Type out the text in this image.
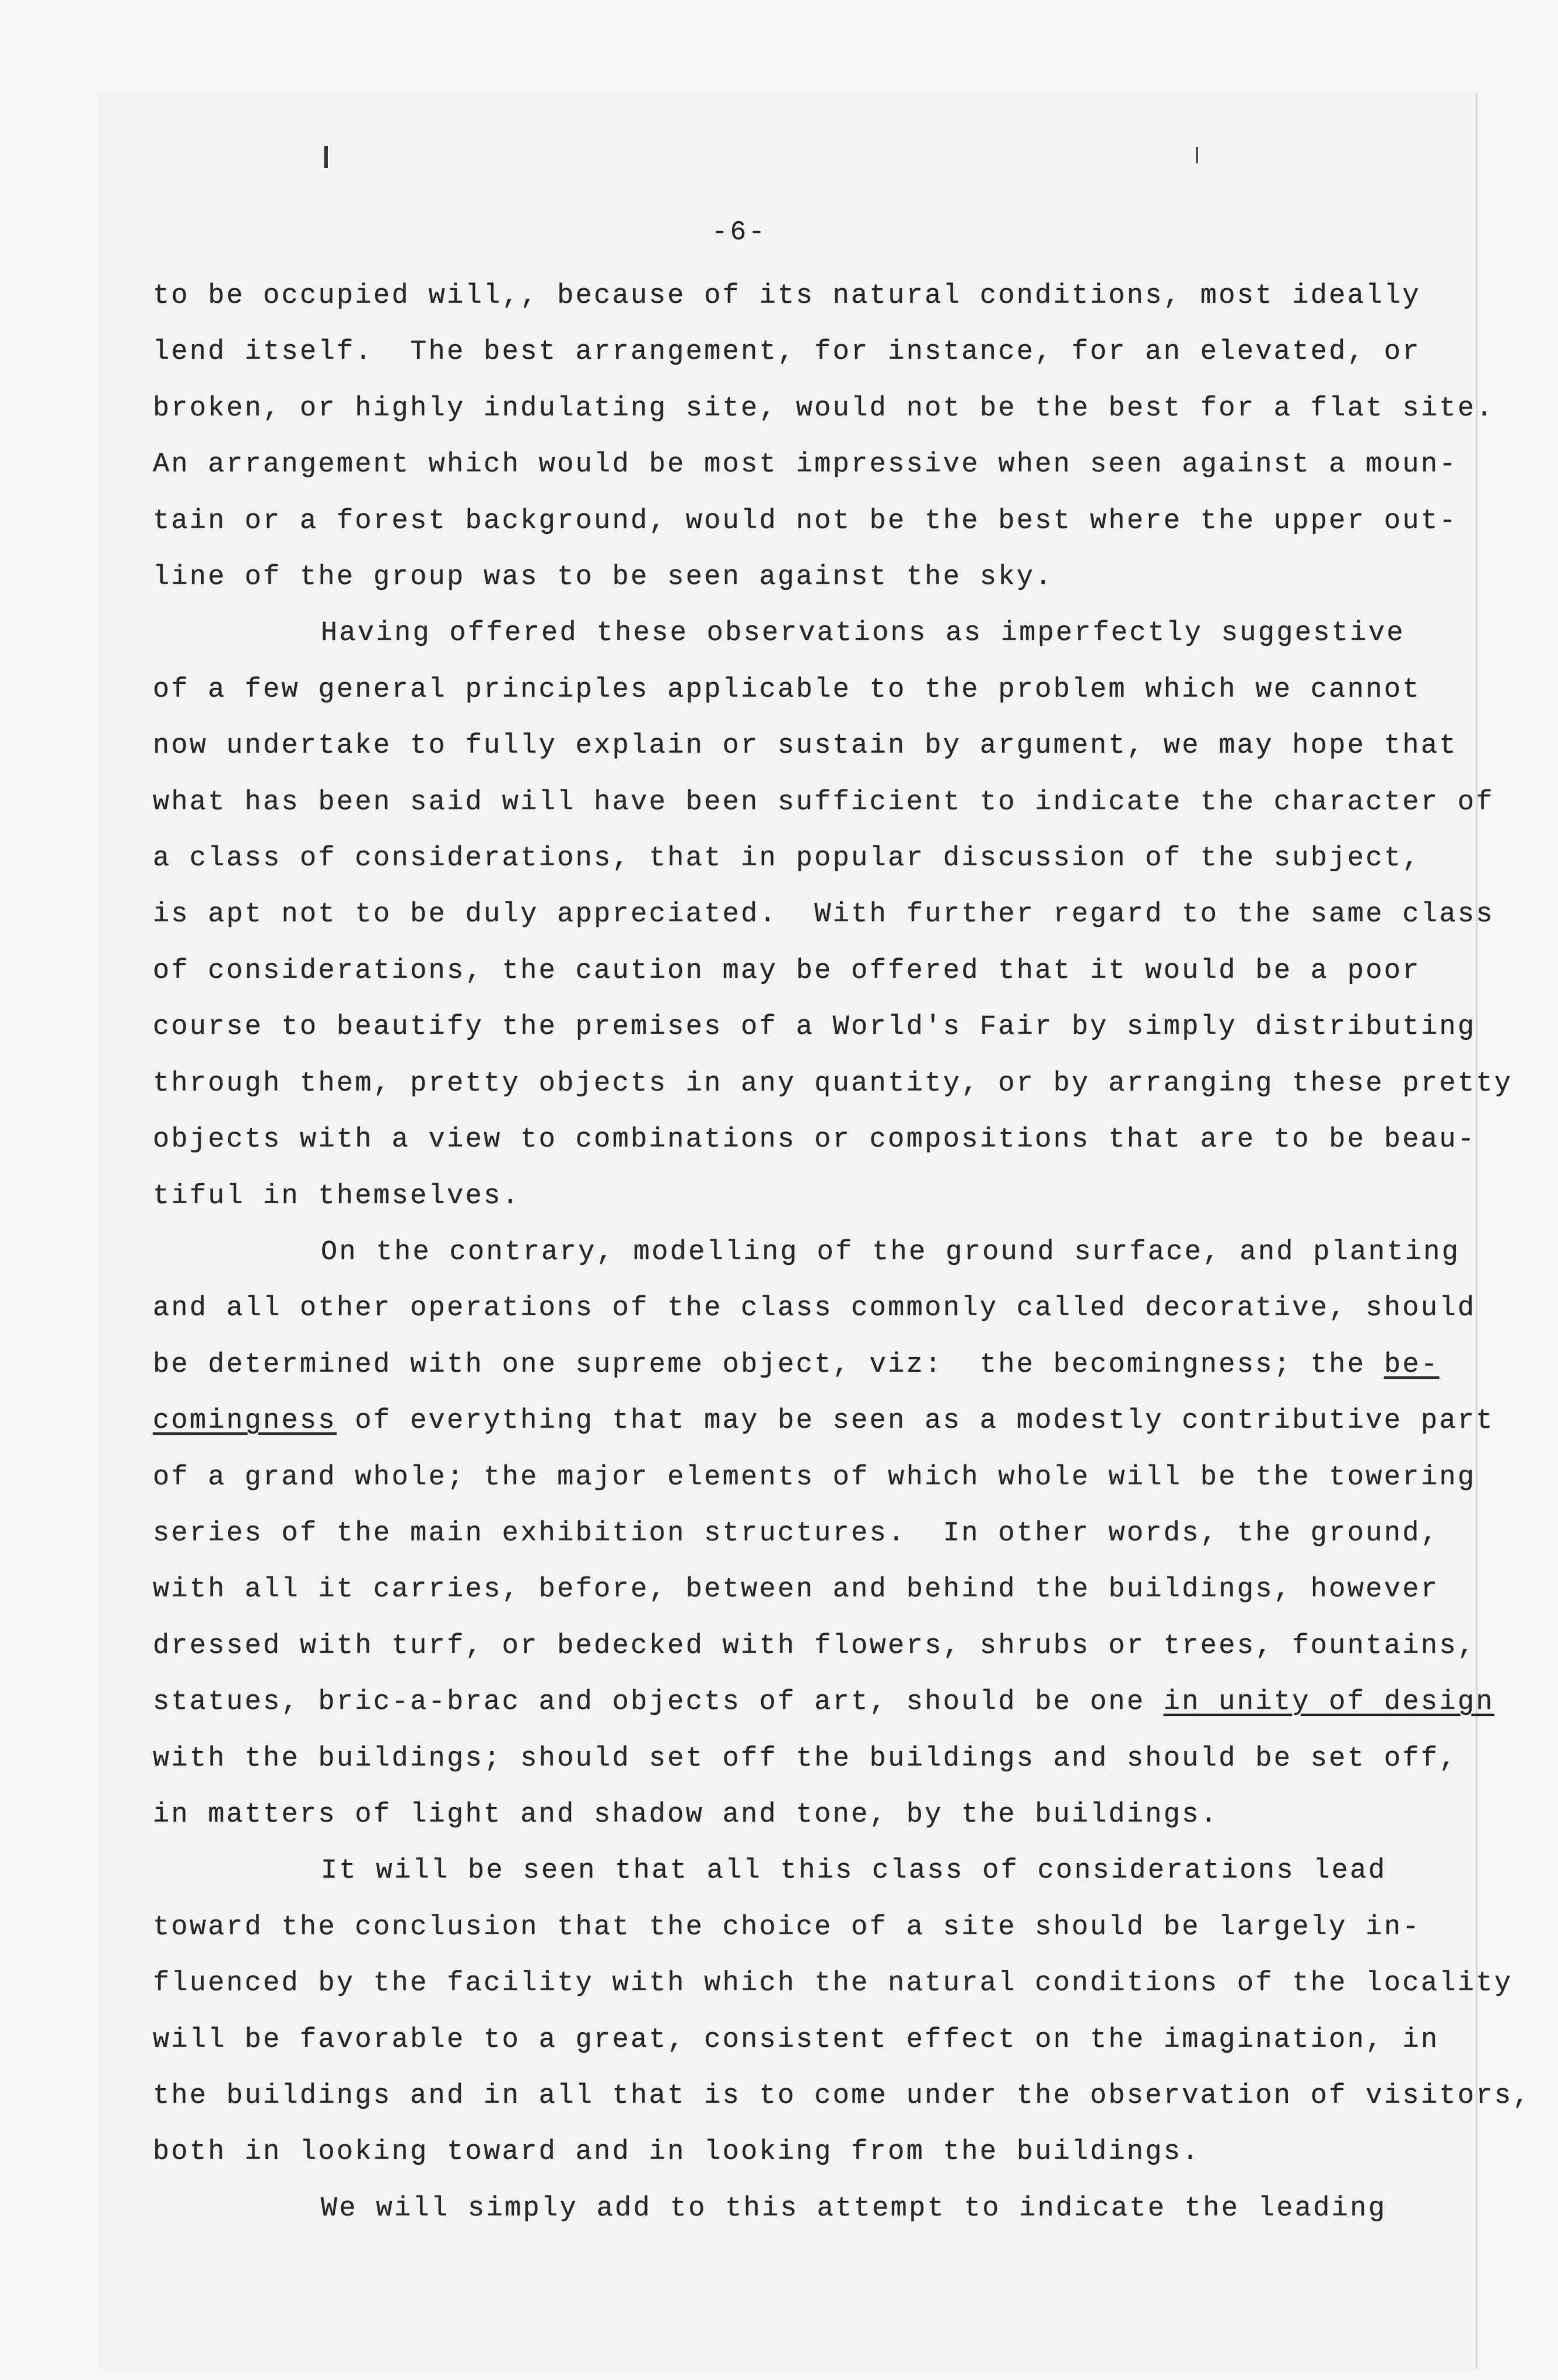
-6-
to be occupied will,, because of its natural conditions, most ideally
lend itself.  The best arrangement, for instance, for an elevated, or
broken, or highly indulating site, would not be the best for a flat site.
An arrangement which would be most impressive when seen against a moun-
tain or a forest background, would not be the best where the upper out-
line of the group was to be seen against the sky.
Having offered these observations as imperfectly suggestive
of a few general principles applicable to the problem which we cannot
now undertake to fully explain or sustain by argument, we may hope that
what has been said will have been sufficient to indicate the character of
a class of considerations, that in popular discussion of the subject,
is apt not to be duly appreciated.  With further regard to the same class
of considerations, the caution may be offered that it would be a poor
course to beautify the premises of a World's Fair by simply distributing
through them, pretty objects in any quantity, or by arranging these pretty
objects with a view to combinations or compositions that are to be beau-
tiful in themselves.
On the contrary, modelling of the ground surface, and planting
and all other operations of the class commonly called decorative, should
be determined with one supreme object, viz:  the becomingness; the be-
comingness of everything that may be seen as a modestly contributive part
of a grand whole; the major elements of which whole will be the towering
series of the main exhibition structures.  In other words, the ground,
with all it carries, before, between and behind the buildings, however
dressed with turf, or bedecked with flowers, shrubs or trees, fountains,
statues, bric-a-brac and objects of art, should be one in unity of design
with the buildings; should set off the buildings and should be set off,
in matters of light and shadow and tone, by the buildings.
It will be seen that all this class of considerations lead
toward the conclusion that the choice of a site should be largely in-
fluenced by the facility with which the natural conditions of the locality
will be favorable to a great, consistent effect on the imagination, in
the buildings and in all that is to come under the observation of visitors,
both in looking toward and in looking from the buildings.
We will simply add to this attempt to indicate the leading
